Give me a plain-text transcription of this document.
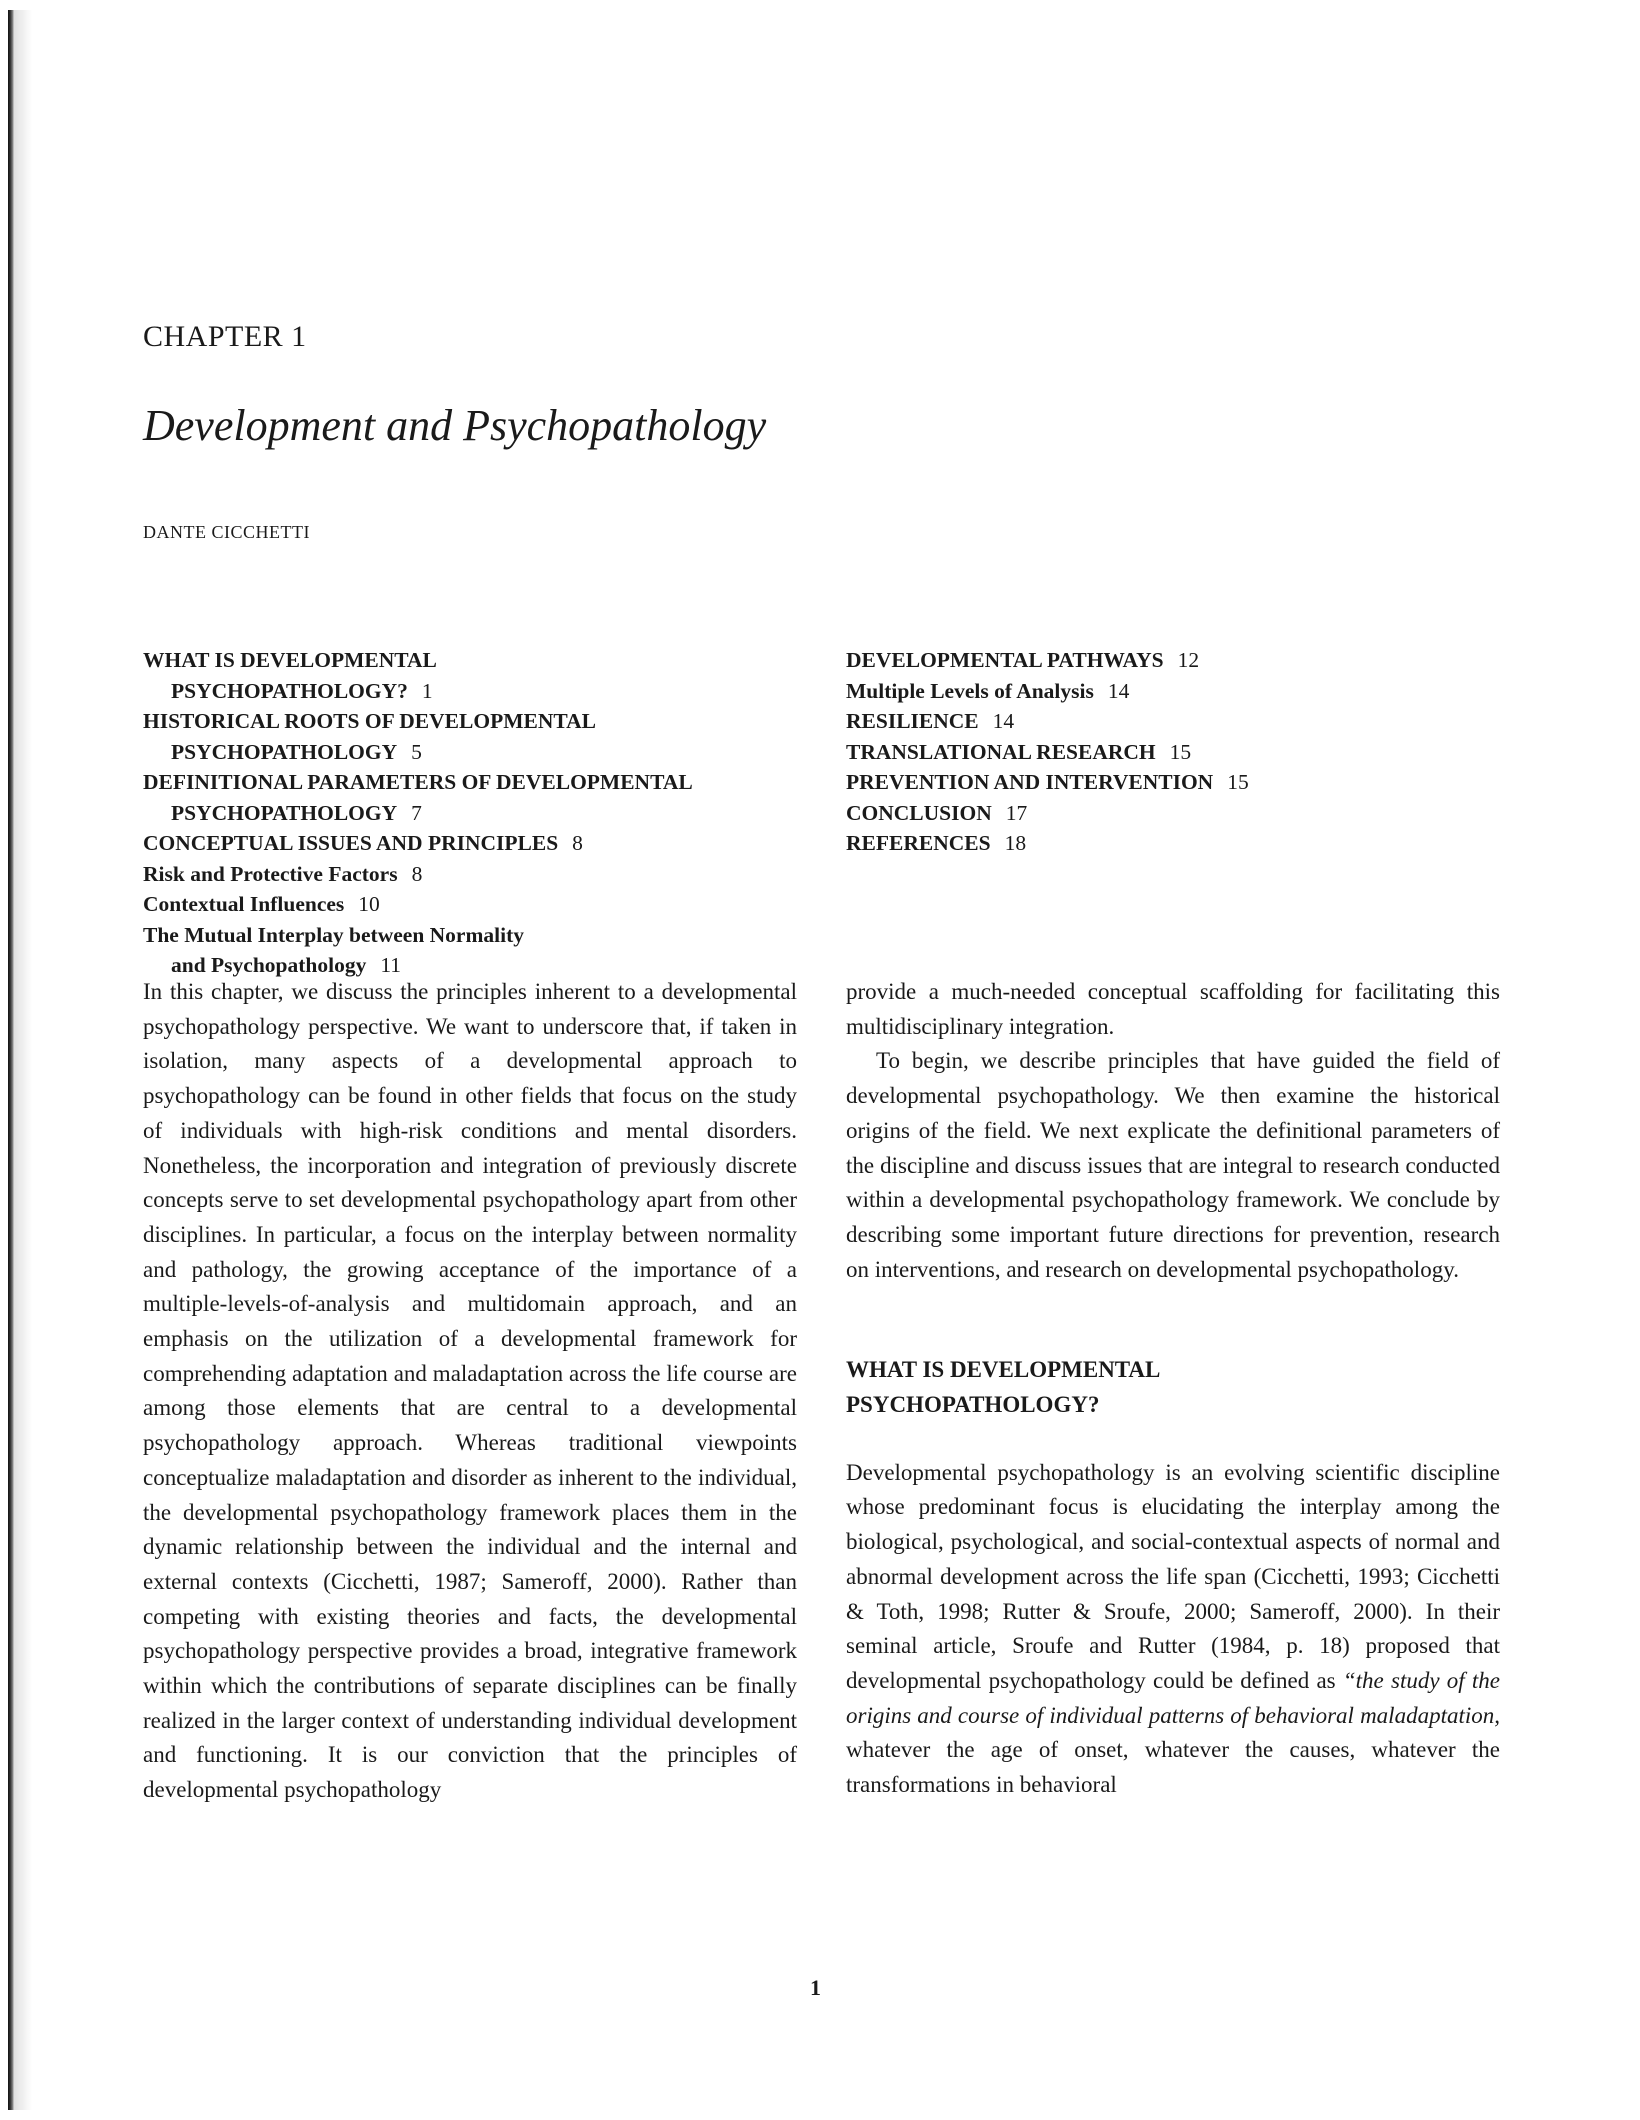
CHAPTER 1
Development and Psychopathology
DANTE CICCHETTI
WHAT IS DEVELOPMENTAL
PSYCHOPATHOLOGY? 1
HISTORICAL ROOTS OF DEVELOPMENTAL
PSYCHOPATHOLOGY 5
DEFINITIONAL PARAMETERS OF DEVELOPMENTAL
PSYCHOPATHOLOGY 7
CONCEPTUAL ISSUES AND PRINCIPLES 8
Risk and Protective Factors 8
Contextual Influences 10
The Mutual Interplay between Normality
and Psychopathology 11
DEVELOPMENTAL PATHWAYS 12
Multiple Levels of Analysis 14
RESILIENCE 14
TRANSLATIONAL RESEARCH 15
PREVENTION AND INTERVENTION 15
CONCLUSION 17
REFERENCES 18

In this chapter, we discuss the principles inherent to a developmental psychopathology perspective. We want to underscore that, if taken in isolation, many aspects of a developmental approach to psychopathology can be found in other fields that focus on the study of individuals with high-risk conditions and mental disorders. Nonetheless, the incorporation and integration of previously discrete concepts serve to set developmental psychopathology apart from other disciplines. In particular, a focus on the interplay between normality and pathology, the growing acceptance of the importance of a multiple-levels-of-analysis and multidomain approach, and an emphasis on the utilization of a developmental framework for comprehending adaptation and maladaptation across the life course are among those elements that are central to a developmental psychopathology approach. Whereas traditional viewpoints conceptualize maladaptation and disorder as inherent to the individual, the developmental psychopathology framework places them in the dynamic relationship between the individual and the internal and external contexts (Cicchetti, 1987; Sameroff, 2000). Rather than competing with existing theories and facts, the developmental psychopathology perspective provides a broad, integrative framework within which the contributions of separate disciplines can be finally realized in the larger context of understanding individual development and functioning. It is our conviction that the principles of developmental psychopathology

provide a much-needed conceptual scaffolding for facilitating this multidisciplinary integration.

To begin, we describe principles that have guided the field of developmental psychopathology. We then examine the historical origins of the field. We next explicate the definitional parameters of the discipline and discuss issues that are integral to research conducted within a developmental psychopathology framework. We conclude by describing some important future directions for prevention, research on interventions, and research on developmental psychopathology.

WHAT IS DEVELOPMENTAL
PSYCHOPATHOLOGY?

Developmental psychopathology is an evolving scientific discipline whose predominant focus is elucidating the interplay among the biological, psychological, and social-contextual aspects of normal and abnormal development across the life span (Cicchetti, 1993; Cicchetti & Toth, 1998; Rutter & Sroufe, 2000; Sameroff, 2000). In their seminal article, Sroufe and Rutter (1984, p. 18) proposed that developmental psychopathology could be defined as “the study of the origins and course of individual patterns of behavioral maladaptation, whatever the age of onset, whatever the causes, whatever the transformations in behavioral

1
